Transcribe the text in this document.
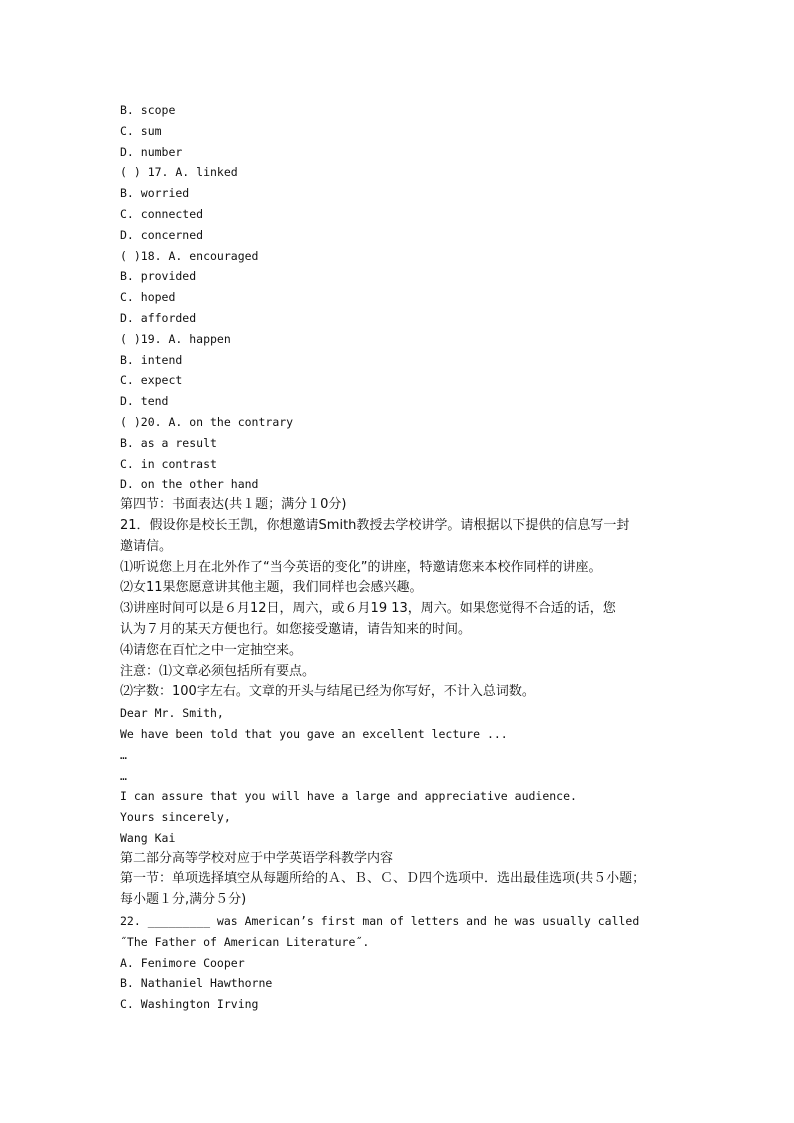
B. scope
C. sum
D. number
( ) 17. A. linked
B. worried
C. connected
D. concerned
( )18. A. encouraged
B. provided
C. hoped
D. afforded
( )19. A. happen
B. intend
C. expect
D. tend
( )20. A. on the contrary
B. as a result
C. in contrast
D. on the other hand
第四节：书面表达(共１题；满分１0分)
21．假设你是校长王凯，你想邀请Smith教授去学校讲学。请根据以下提供的信息写一封
邀请信。
⑴听说您上月在北外作了“当今英语的变化”的讲座，特邀请您来本校作同样的讲座。
⑵女11果您愿意讲其他主题，我们同样也会感兴趣。
⑶讲座时间可以是６月12日，周六，或６月19 13，周六。如果您觉得不合适的话，您
认为７月的某天方便也行。如您接受邀请，请告知来的时间。
⑷请您在百忙之中一定抽空来。
注意：⑴文章必须包括所有要点。
⑵字数：100字左右。文章的开头与结尾已经为你写好，不计入总词数。
Dear Mr. Smith,
We have been told that you gave an excellent lecture ...
…
…
I can assure that you will have a large and appreciative audience.
Yours sincerely,
Wang Kai
第二部分高等学校对应于中学英语学科教学内容
第一节：单项选择填空从每题所给的Ａ、Ｂ、Ｃ、Ｄ四个选项中．选出最佳选项(共５小题；
每小题１分,满分５分)
22. _________ was American’s first man of letters and he was usually called
˝The Father of American Literature˝.
A. Fenimore Cooper
B. Nathaniel Hawthorne
C. Washington Irving
